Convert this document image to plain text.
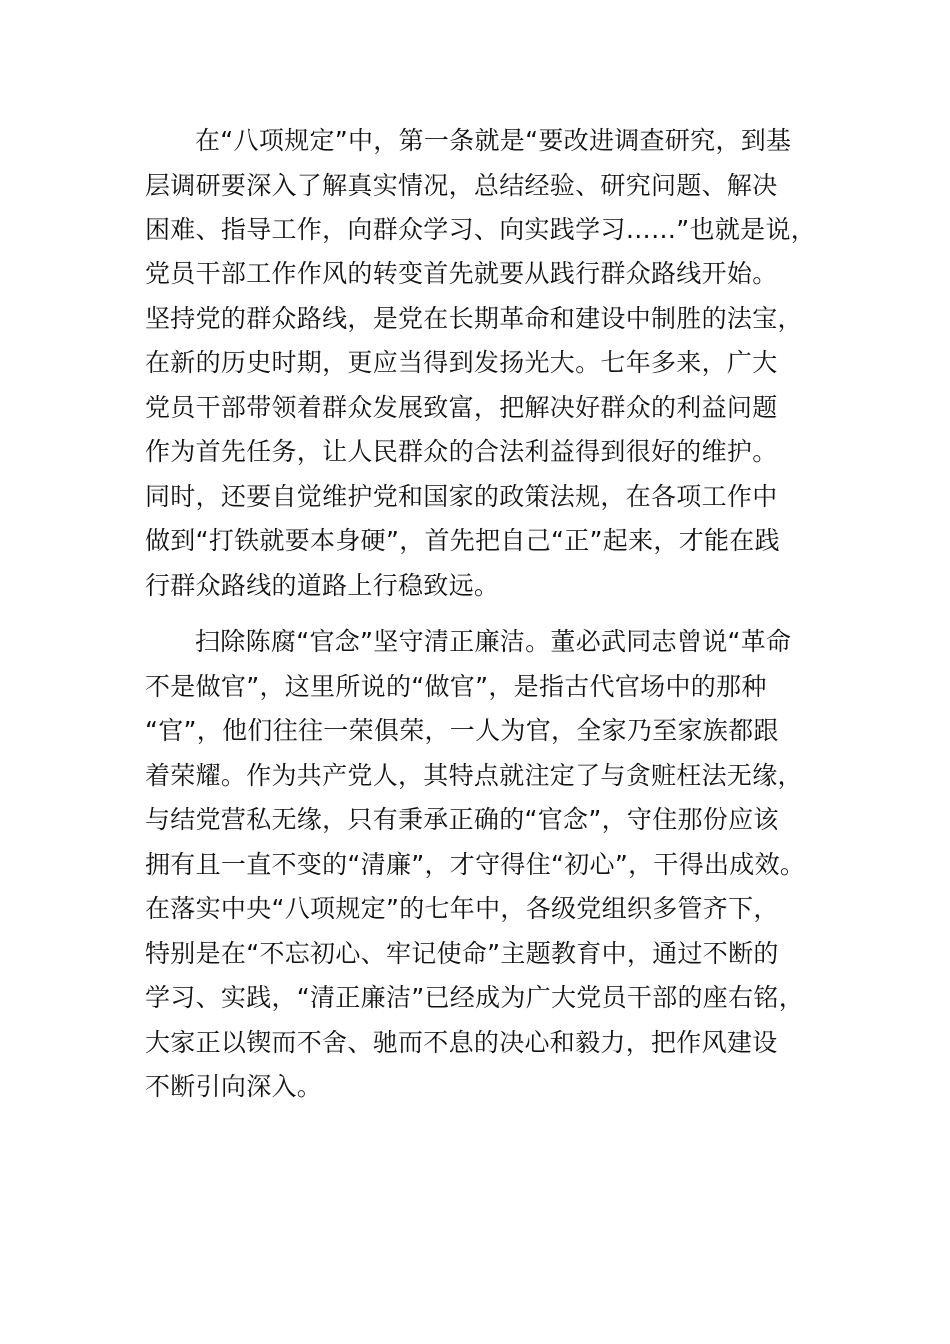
在“八项规定”中，第一条就是“要改进调查研究，到基
层调研要深入了解真实情况，总结经验、研究问题、解决
困难、指导工作，向群众学习、向实践学习……”也就是说，
党员干部工作作风的转变首先就要从践行群众路线开始。
坚持党的群众路线，是党在长期革命和建设中制胜的法宝，
在新的历史时期，更应当得到发扬光大。七年多来，广大
党员干部带领着群众发展致富，把解决好群众的利益问题
作为首先任务，让人民群众的合法利益得到很好的维护。
同时，还要自觉维护党和国家的政策法规，在各项工作中
做到“打铁就要本身硬”，首先把自己“正”起来，才能在践
行群众路线的道路上行稳致远。
扫除陈腐“官念”坚守清正廉洁。董必武同志曾说“革命
不是做官”，这里所说的“做官”，是指古代官场中的那种
“官”，他们往往一荣俱荣，一人为官，全家乃至家族都跟
着荣耀。作为共产党人，其特点就注定了与贪赃枉法无缘，
与结党营私无缘，只有秉承正确的“官念”，守住那份应该
拥有且一直不变的“清廉”，才守得住“初心”，干得出成效。
在落实中央“八项规定”的七年中，各级党组织多管齐下，
特别是在“不忘初心、牢记使命”主题教育中，通过不断的
学习、实践，“清正廉洁”已经成为广大党员干部的座右铭，
大家正以锲而不舍、驰而不息的决心和毅力，把作风建设
不断引向深入。
